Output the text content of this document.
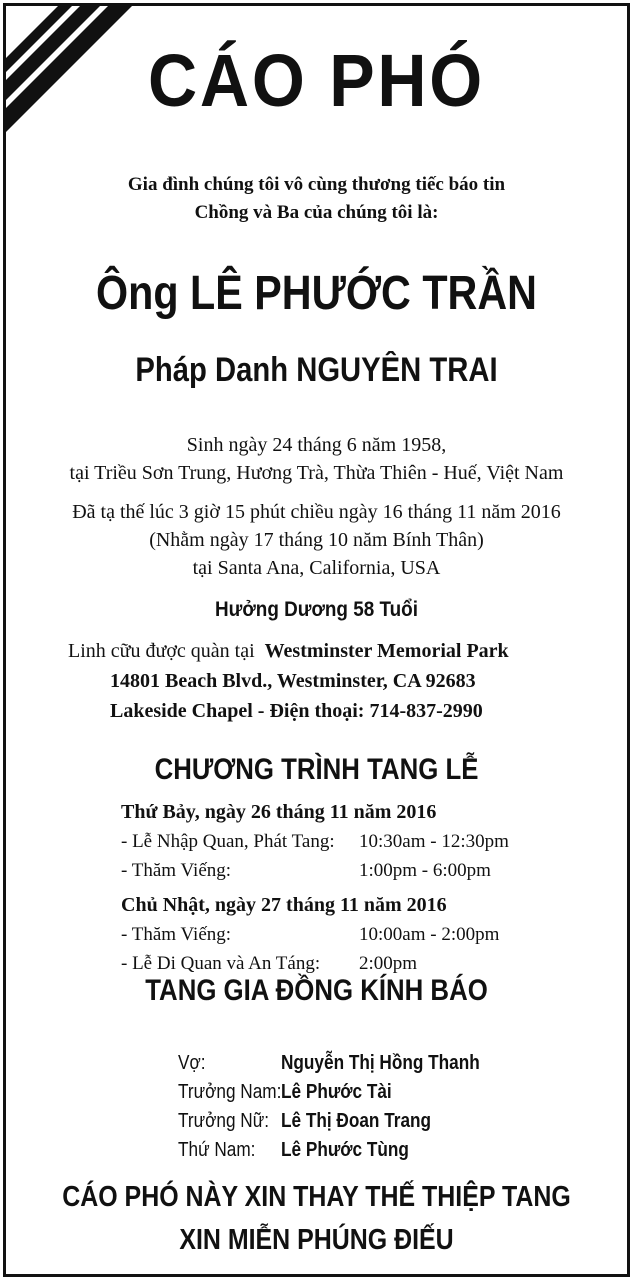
CÁO PHÓ
Gia đình chúng tôi vô cùng thương tiếc báo tin
Chồng và Ba của chúng tôi là:
Ông LÊ PHƯỚC TRẦN
Pháp Danh NGUYÊN TRAI
Sinh ngày 24 tháng 6 năm 1958,
tại Triều Sơn Trung, Hương Trà, Thừa Thiên - Huế, Việt Nam
Đã tạ thế lúc 3 giờ 15 phút chiều ngày 16 tháng 11 năm 2016
(Nhằm ngày 17 tháng 10 năm Bính Thân)
tại Santa Ana, California, USA
Hưởng Dương 58 Tuổi
Linh cữu được quàn tại Westminster Memorial Park
14801 Beach Blvd., Westminster, CA 92683
Lakeside Chapel - Điện thoại: 714-837-2990
CHƯƠNG TRÌNH TANG LỄ
Thứ Bảy, ngày 26 tháng 11 năm 2016
- Lễ Nhập Quan, Phát Tang:	10:30am - 12:30pm
- Thăm Viếng:	1:00pm - 6:00pm
Chủ Nhật, ngày 27 tháng 11 năm 2016
- Thăm Viếng:	10:00am - 2:00pm
- Lễ Di Quan và An Táng:	2:00pm
TANG GIA ĐỒNG KÍNH BÁO
Vợ:	Nguyễn Thị Hồng Thanh
Trưởng Nam: Lê Phước Tài
Trưởng Nữ: Lê Thị Đoan Trang
Thứ Nam:	Lê Phước Tùng
CÁO PHÓ NÀY XIN THAY THẾ THIỆP TANG
XIN MIỄN PHÚNG ĐIẾU
